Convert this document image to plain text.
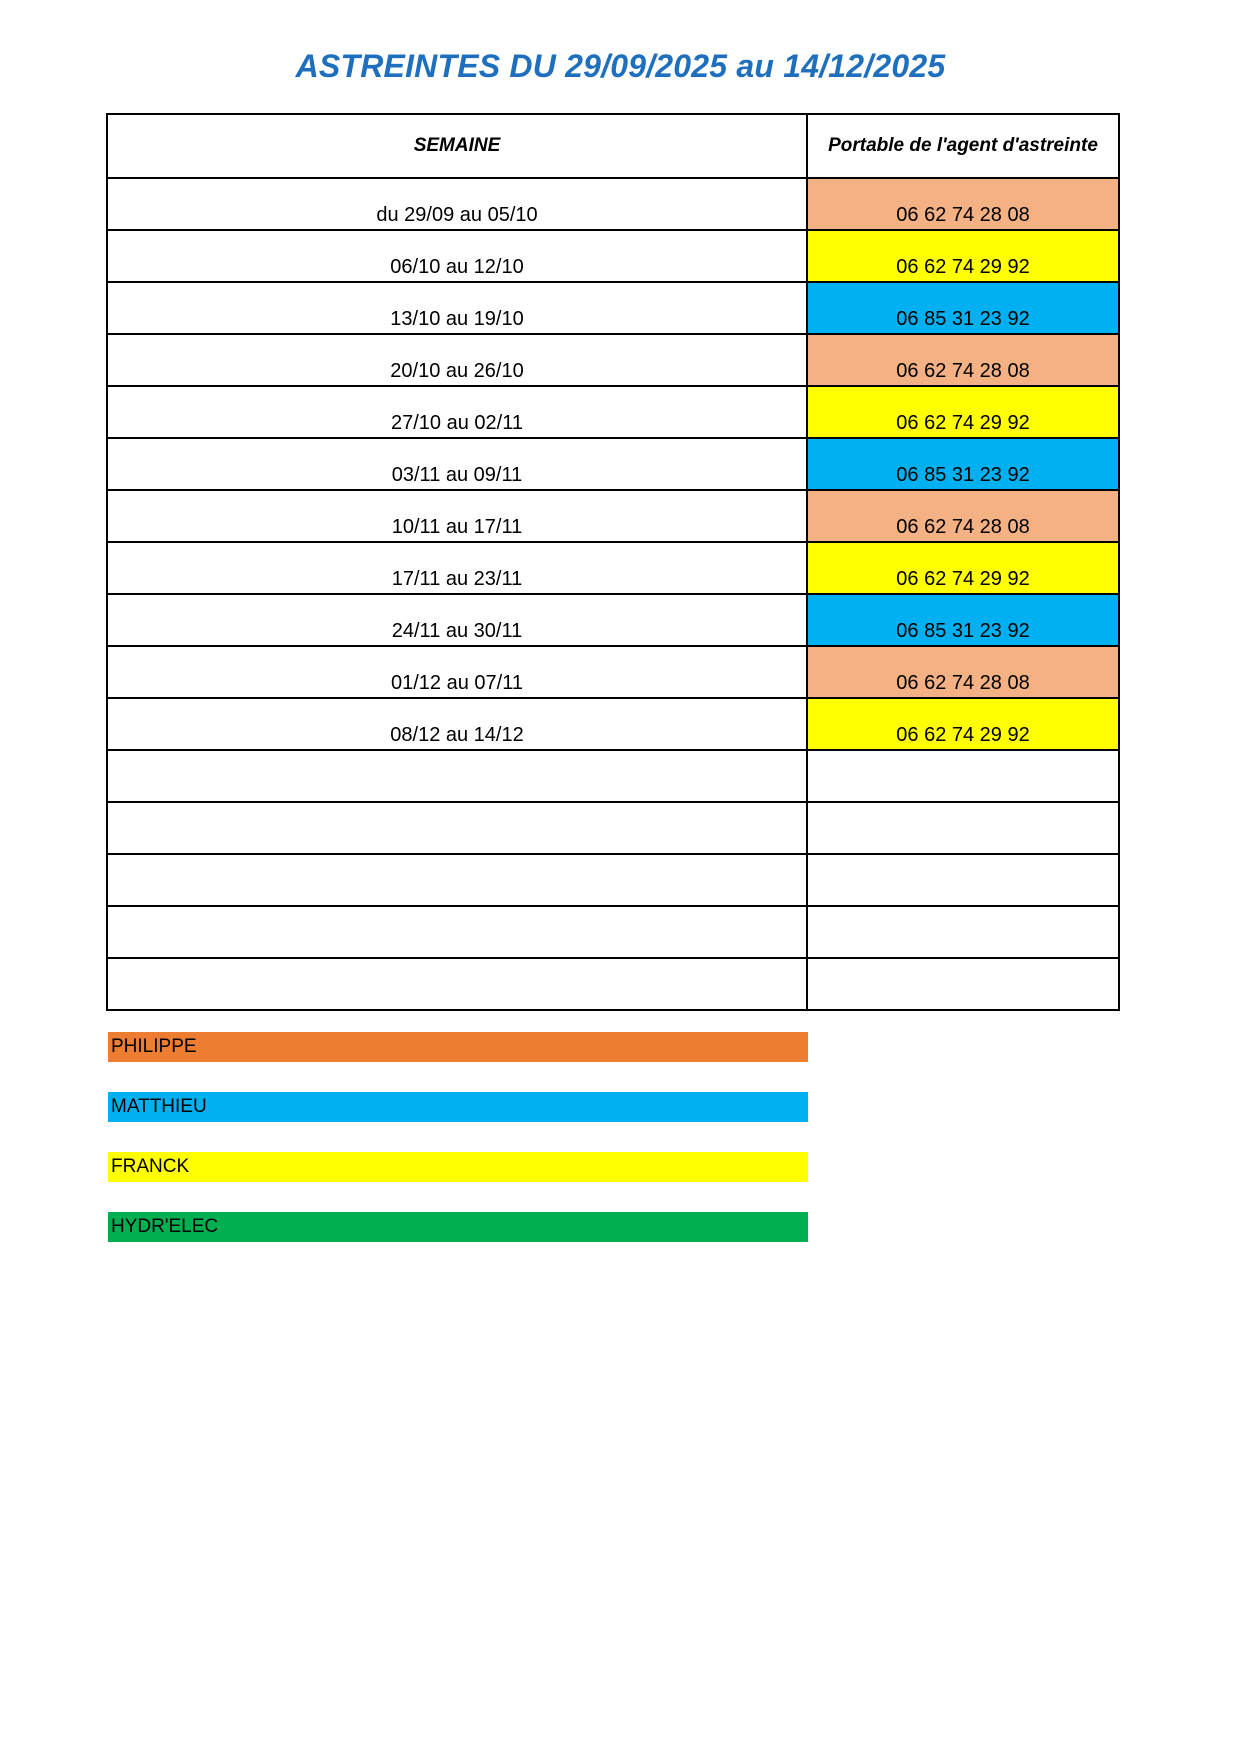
ASTREINTES DU 29/09/2025 au 14/12/2025
SEMAINE	Portable de l'agent d'astreinte
du 29/09 au 05/10	06 62 74 28 08
06/10 au 12/10	06 62 74 29 92
13/10 au 19/10	06 85 31 23 92
20/10 au 26/10	06 62 74 28 08
27/10 au 02/11	06 62 74 29 92
03/11 au 09/11	06 85 31 23 92
10/11 au 17/11	06 62 74 28 08
17/11 au 23/11	06 62 74 29 92
24/11 au 30/11	06 85 31 23 92
01/12 au 07/11	06 62 74 28 08
08/12 au 14/12	06 62 74 29 92

PHILIPPE
MATTHIEU
FRANCK
HYDR'ELEC
